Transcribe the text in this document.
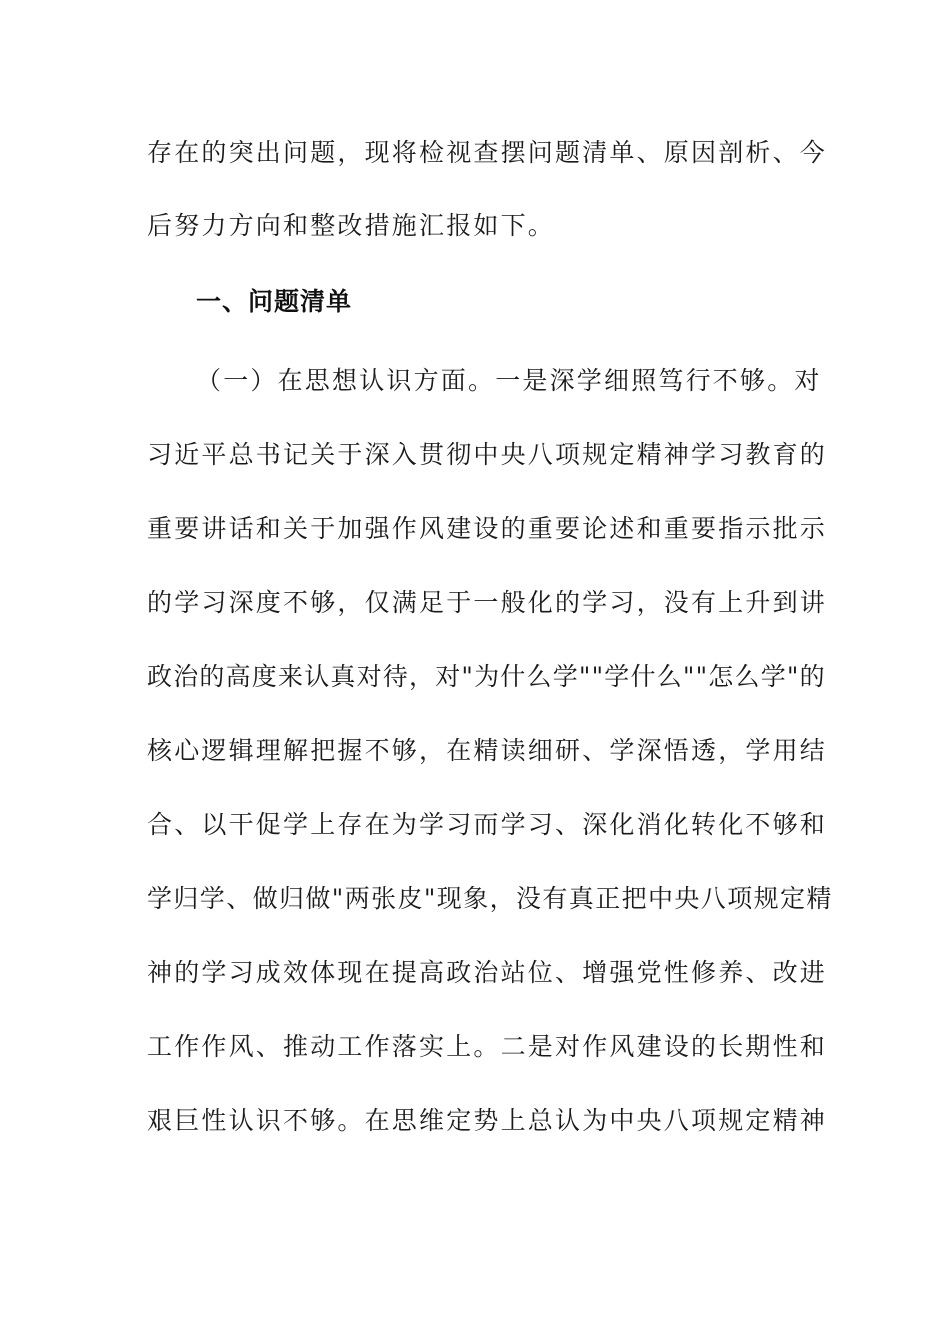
存在的突出问题，现将检视查摆问题清单、原因剖析、今
后努力方向和整改措施汇报如下。
一、问题清单
（一）在思想认识方面。一是深学细照笃行不够。对
习近平总书记关于深入贯彻中央八项规定精神学习教育的
重要讲话和关于加强作风建设的重要论述和重要指示批示
的学习深度不够，仅满足于一般化的学习，没有上升到讲
政治的高度来认真对待，对"为什么学""学什么""怎么学"的
核心逻辑理解把握不够，在精读细研、学深悟透，学用结
合、以干促学上存在为学习而学习、深化消化转化不够和
学归学、做归做"两张皮"现象，没有真正把中央八项规定精
神的学习成效体现在提高政治站位、增强党性修养、改进
工作作风、推动工作落实上。二是对作风建设的长期性和
艰巨性认识不够。在思维定势上总认为中央八项规定精神
